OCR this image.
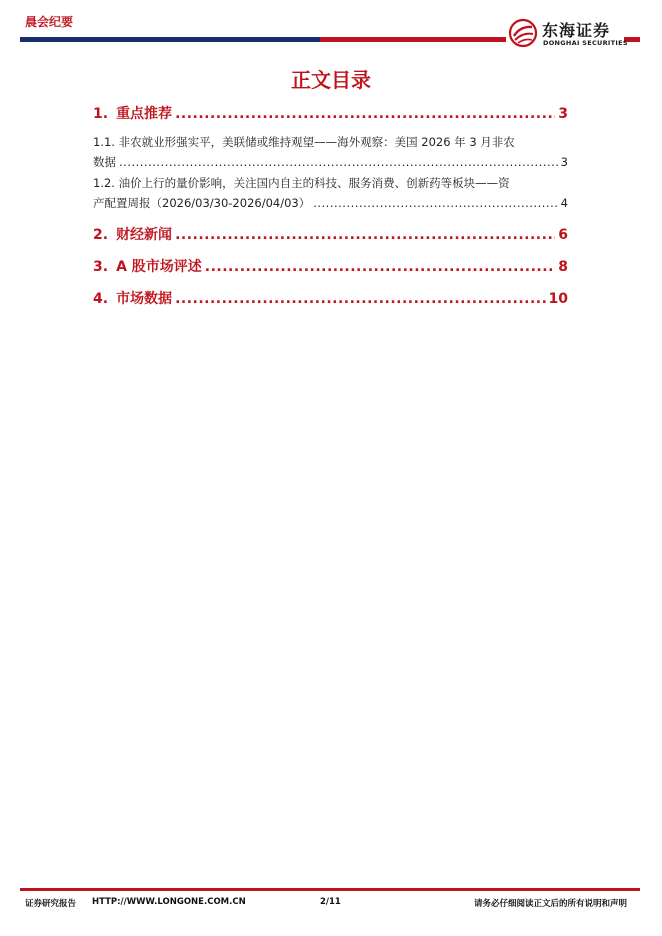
晨会纪要	东海证券
DONGHAI SECURITIES
正文目录
1. 重点推荐 .....	3
1.1. 非农就业形强实平，美联储或维持观望——海外观察：美国 2026 年 3 月非农
数据 .....	3
1.2. 油价上行的量价影响，关注国内自主的科技、服务消费、创新药等板块——资
产配置周报（2026/03/30-2026/04/03） .....	4
2. 财经新闻 .....	6
3. A 股市场评述 .....	8
4. 市场数据 .....	10
证券研究报告 HTTP://WWW.LONGONE.COM.CN	2/11	请务必仔细阅读正文后的所有说明和声明
